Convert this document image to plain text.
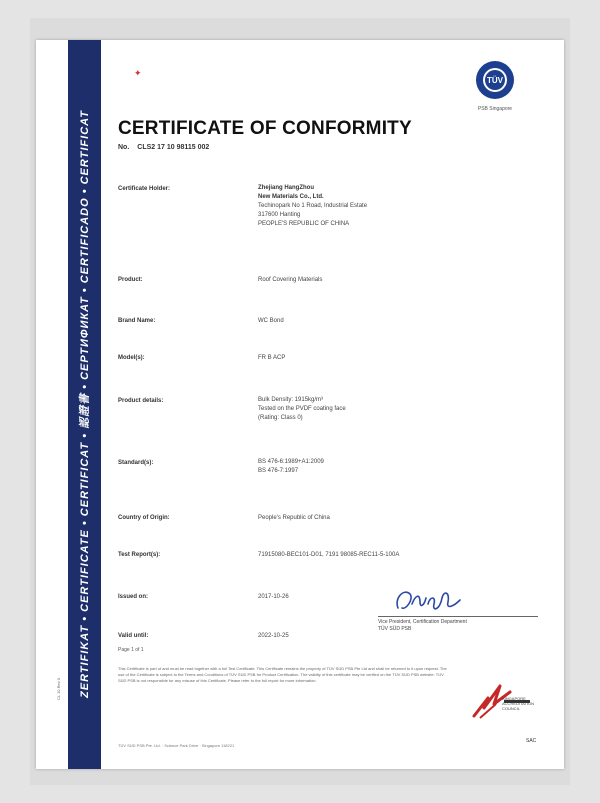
ZERTIFIKAT • CERTIFICATE • CERTIFICAT • 認證書 • СЕРТИФИКАТ • CERTIFICADO • CERTIFICAT
✦
TÜV
PSB Singapore
CERTIFICATE OF CONFORMITY
No. CLS2 17 10 98115 002
Certificate Holder:	Zhejiang HangZhou
New Materials Co., Ltd.
Techinopark No 1 Road, Industrial Estate
317600 Hanting
PEOPLE'S REPUBLIC OF CHINA
Product:	Roof Covering Materials
Brand Name:	WC Bond
Model(s):	FR B ACP
Product details:	Bulk Density: 1915kg/m³
Tested on the PVDF coating face
(Rating: Class 0)
Standard(s):	BS 476-6:1989+A1:2009
BS 476-7:1997
Country of Origin:	People's Republic of China
Test Report(s):	71915080-BEC101-D01, 7191 98085-REC11-5-100A
Issued on:	2017-10-26
Valid until:	2022-10-25
Vice President, Certification Department
TÜV SÜD PSB
Page 1 of 1
This Certificate is part of and must be read together with a full Test Certificate. This Certificate remains the property of TÜV SÜD PSB Pte Ltd and shall be returned to it upon request. The use of the Certificate is subject to the Terms and Conditions of TÜV SÜD PSB for Product Certification. The validity of this certificate may be verified on the TÜV SÜD PSB website. TÜV SÜD PSB is not responsible for any misuse of this Certificate. Please refer to the full report for more information.
SINGAPORE ACCREDITATION COUNCIL
SAC
TÜV SÜD PSB Pte. Ltd. · Science Park Drive · Singapore 118221
CL 10 Rev 0
